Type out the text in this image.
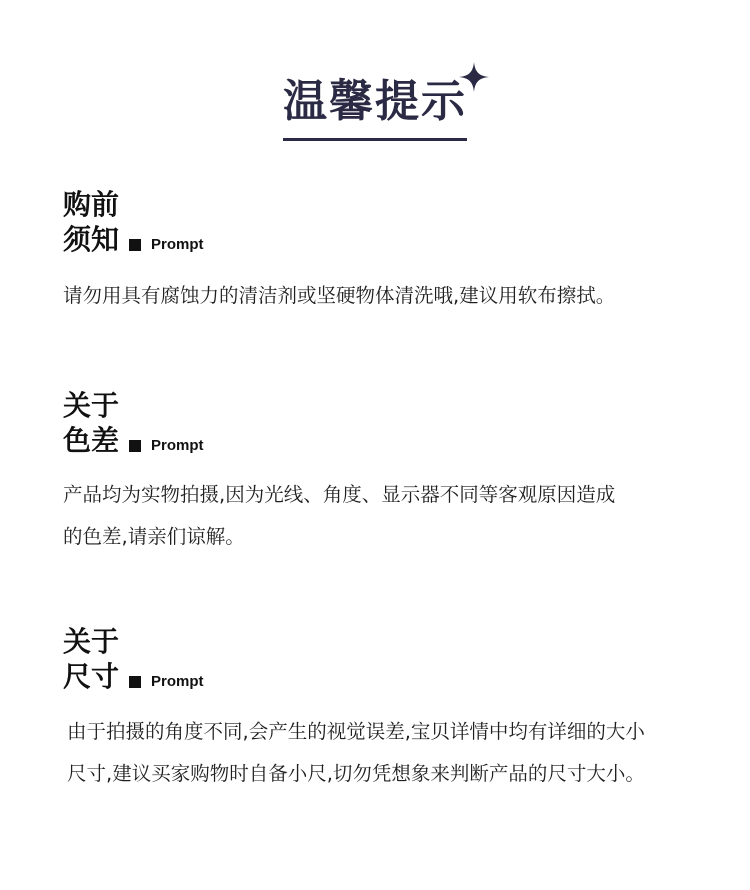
温馨提示
购前
须知 Prompt
请勿用具有腐蚀力的清洁剂或坚硬物体清洗哦,建议用软布擦拭。
关于
色差 Prompt
产品均为实物拍摄,因为光线、角度、显示器不同等客观原因造成
的色差,请亲们谅解。
关于
尺寸 Prompt
由于拍摄的角度不同,会产生的视觉误差,宝贝详情中均有详细的大小
尺寸,建议买家购物时自备小尺,切勿凭想象来判断产品的尺寸大小。
